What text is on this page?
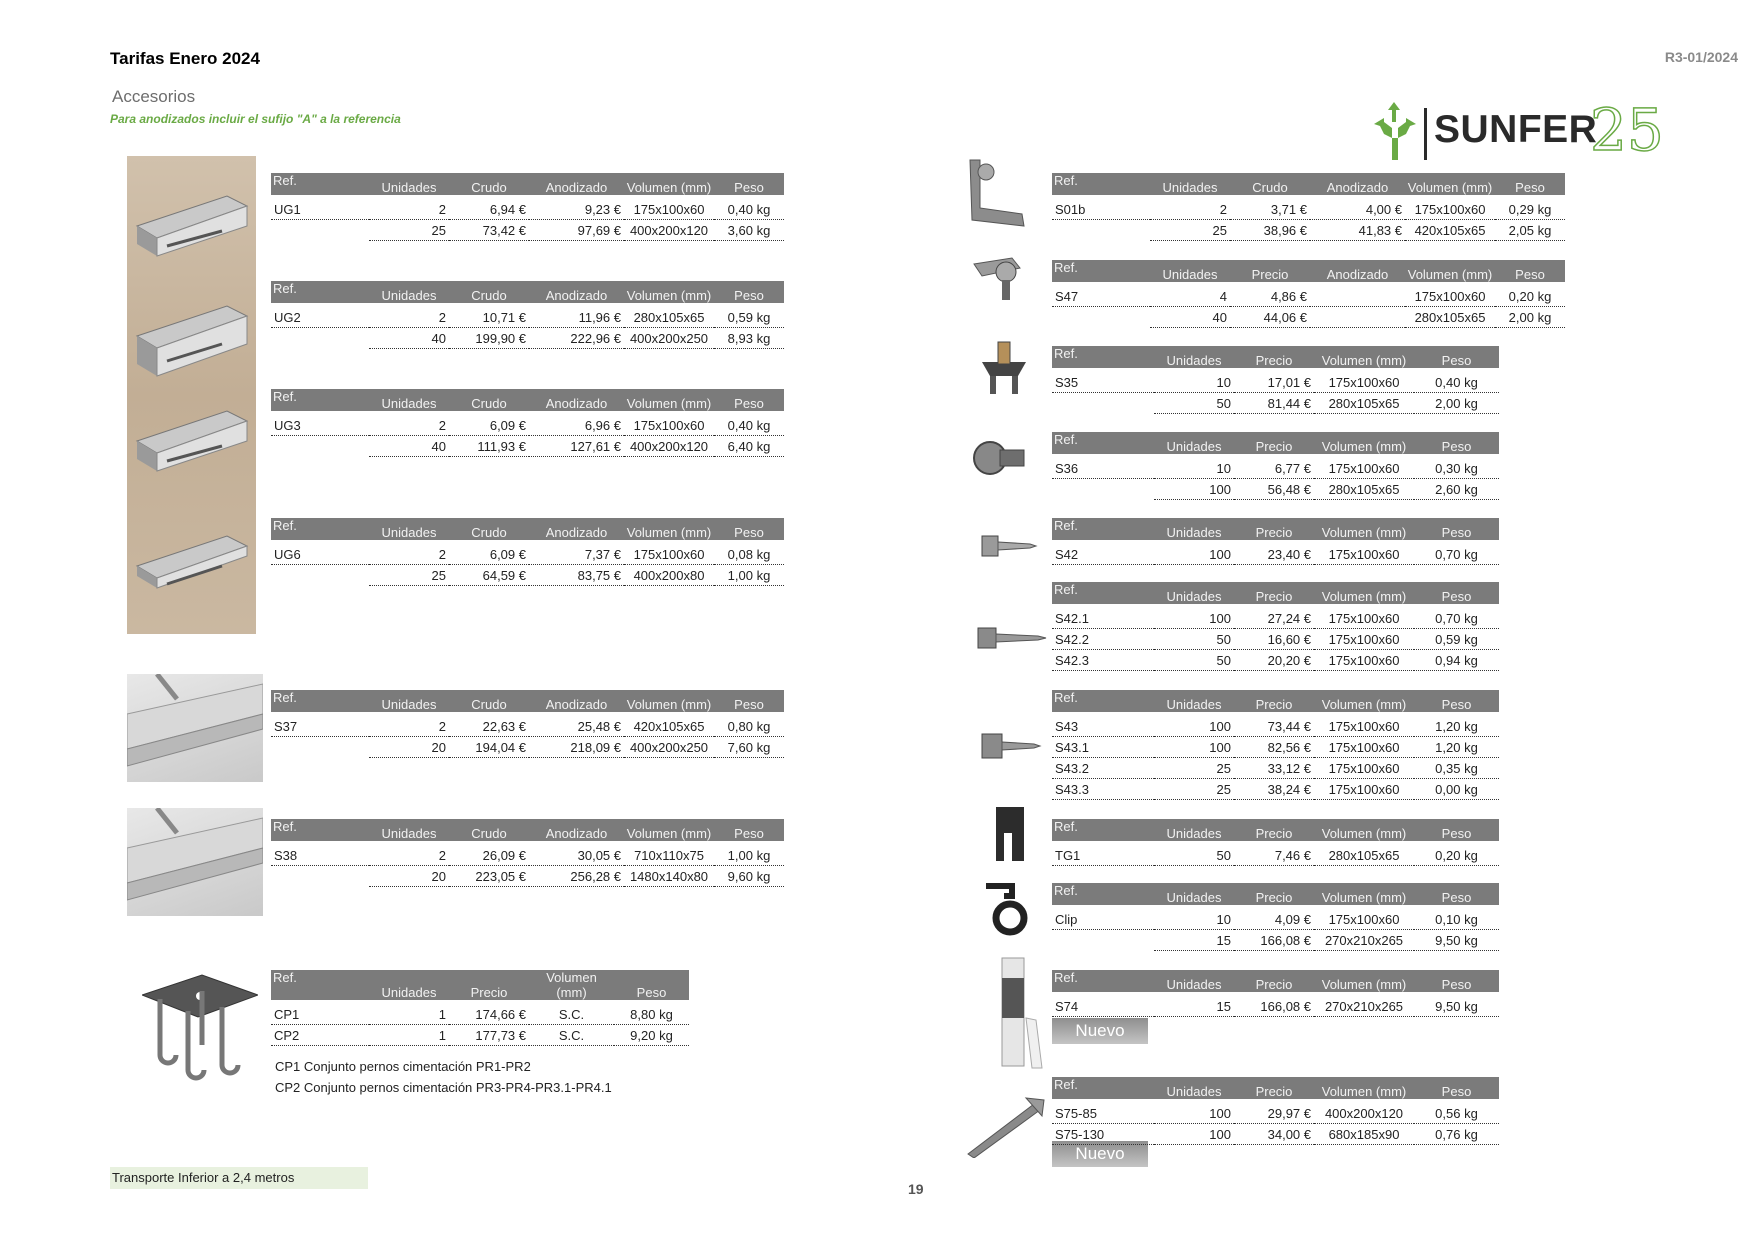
Tarifas Enero 2024	R3-01/2024
Accesorios
Para anodizados incluir el sufijo "A" a la referencia	SUNFER
25
Nuevo
Nuevo
CP1 Conjunto pernos cimentación PR1-PR2
CP2 Conjunto pernos cimentación PR3-PR4-PR3.1-PR4.1
Transporte Inferior a 2,4 metros
19
Ref.	Unidades	Crudo	Anodizado	Volumen (mm)	Peso

UG1	2	6,94 €	9,23 €	175x100x60	0,40 kg
	25	73,42 €	97,69 €	400x200x120	3,60 kg
Ref.	Unidades	Crudo	Anodizado	Volumen (mm)	Peso

UG2	2	10,71 €	11,96 €	280x105x65	0,59 kg
	40	199,90 €	222,96 €	400x200x250	8,93 kg
Ref.	Unidades	Crudo	Anodizado	Volumen (mm)	Peso

UG3	2	6,09 €	6,96 €	175x100x60	0,40 kg
	40	111,93 €	127,61 €	400x200x120	6,40 kg
Ref.	Unidades	Crudo	Anodizado	Volumen (mm)	Peso

UG6	2	6,09 €	7,37 €	175x100x60	0,08 kg
	25	64,59 €	83,75 €	400x200x80	1,00 kg
Ref.	Unidades	Crudo	Anodizado	Volumen (mm)	Peso

S37	2	22,63 €	25,48 €	420x105x65	0,80 kg
	20	194,04 €	218,09 €	400x200x250	7,60 kg
Ref.	Unidades	Crudo	Anodizado	Volumen (mm)	Peso

S38	2	26,09 €	30,05 €	710x110x75	1,00 kg
	20	223,05 €	256,28 €	1480x140x80	9,60 kg
Ref.	Unidades	Precio	Volumen (mm)	Peso

CP1	1	174,66 €	S.C.	8,80 kg
CP2	1	177,73 €	S.C.	9,20 kg
Ref.	Unidades	Crudo	Anodizado	Volumen (mm)	Peso

S01b	2	3,71 €	4,00 €	175x100x60	0,29 kg
	25	38,96 €	41,83 €	420x105x65	2,05 kg
Ref.	Unidades	Precio	Anodizado	Volumen (mm)	Peso

S47	4	4,86 €		175x100x60	0,20 kg
	40	44,06 €		280x105x65	2,00 kg
Ref.	Unidades	Precio	Volumen (mm)	Peso

S35	10	17,01 €	175x100x60	0,40 kg
	50	81,44 €	280x105x65	2,00 kg
Ref.	Unidades	Precio	Volumen (mm)	Peso

S36	10	6,77 €	175x100x60	0,30 kg
	100	56,48 €	280x105x65	2,60 kg
Ref.	Unidades	Precio	Volumen (mm)	Peso

S42	100	23,40 €	175x100x60	0,70 kg
Ref.	Unidades	Precio	Volumen (mm)	Peso

S42.1	100	27,24 €	175x100x60	0,70 kg
S42.2	50	16,60 €	175x100x60	0,59 kg
S42.3	50	20,20 €	175x100x60	0,94 kg
Ref.	Unidades	Precio	Volumen (mm)	Peso

S43	100	73,44 €	175x100x60	1,20 kg
S43.1	100	82,56 €	175x100x60	1,20 kg
S43.2	25	33,12 €	175x100x60	0,35 kg
S43.3	25	38,24 €	175x100x60	0,00 kg
Ref.	Unidades	Precio	Volumen (mm)	Peso

TG1	50	7,46 €	280x105x65	0,20 kg
Ref.	Unidades	Precio	Volumen (mm)	Peso

Clip	10	4,09 €	175x100x60	0,10 kg
	15	166,08 €	270x210x265	9,50 kg
Ref.	Unidades	Precio	Volumen (mm)	Peso

S74	15	166,08 €	270x210x265	9,50 kg
Ref.	Unidades	Precio	Volumen (mm)	Peso

S75-85	100	29,97 €	400x200x120	0,56 kg
S75-130	100	34,00 €	680x185x90	0,76 kg
